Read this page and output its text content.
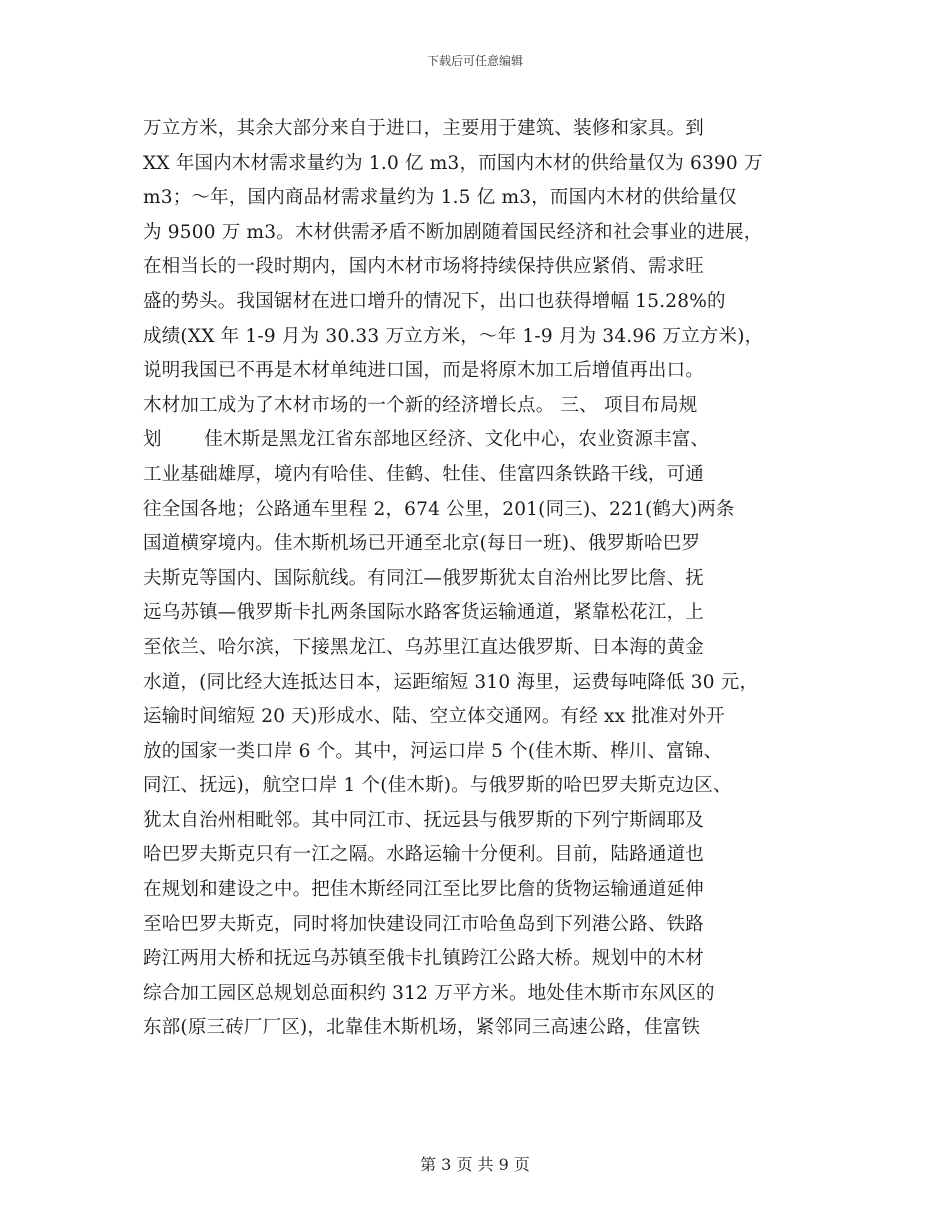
下载后可任意编辑
万立方米，其余大部分来自于进口，主要用于建筑、装修和家具。到
XX 年国内木材需求量约为 1.0 亿 m3，而国内木材的供给量仅为 6390 万
m3；～年，国内商品材需求量约为 1.5 亿 m3，而国内木材的供给量仅
为 9500 万 m3。木材供需矛盾不断加剧随着国民经济和社会事业的进展，
在相当长的一段时期内，国内木材市场将持续保持供应紧俏、需求旺
盛的势头。我国锯材在进口增升的情况下，出口也获得增幅 15.28%的
成绩(XX 年 1-9 月为 30.33 万立方米，～年 1-9 月为 34.96 万立方米)，
说明我国已不再是木材单纯进口国，而是将原木加工后增值再出口。
木材加工成为了木材市场的一个新的经济增长点。 三、 项目布局规
划       佳木斯是黑龙江省东部地区经济、文化中心，农业资源丰富、
工业基础雄厚，境内有哈佳、佳鹤、牡佳、佳富四条铁路干线，可通
往全国各地；公路通车里程 2，674 公里，201(同三)、221(鹤大)两条
国道横穿境内。佳木斯机场已开通至北京(每日一班)、俄罗斯哈巴罗
夫斯克等国内、国际航线。有同江—俄罗斯犹太自治州比罗比詹、抚
远乌苏镇—俄罗斯卡扎两条国际水路客货运输通道，紧靠松花江，上
至依兰、哈尔滨，下接黑龙江、乌苏里江直达俄罗斯、日本海的黄金
水道，(同比经大连抵达日本，运距缩短 310 海里，运费每吨降低 30 元，
运输时间缩短 20 天)形成水、陆、空立体交通网。有经 xx 批准对外开
放的国家一类口岸 6 个。其中，河运口岸 5 个(佳木斯、桦川、富锦、
同江、抚远)，航空口岸 1 个(佳木斯)。与俄罗斯的哈巴罗夫斯克边区、
犹太自治州相毗邻。其中同江市、抚远县与俄罗斯的下列宁斯阔耶及
哈巴罗夫斯克只有一江之隔。水路运输十分便利。目前，陆路通道也
在规划和建设之中。把佳木斯经同江至比罗比詹的货物运输通道延伸
至哈巴罗夫斯克，同时将加快建设同江市哈鱼岛到下列港公路、铁路
跨江两用大桥和抚远乌苏镇至俄卡扎镇跨江公路大桥。规划中的木材
综合加工园区总规划总面积约 312 万平方米。地处佳木斯市东风区的
东部(原三砖厂厂区)，北靠佳木斯机场，紧邻同三高速公路，佳富铁
第 3 页 共 9 页
